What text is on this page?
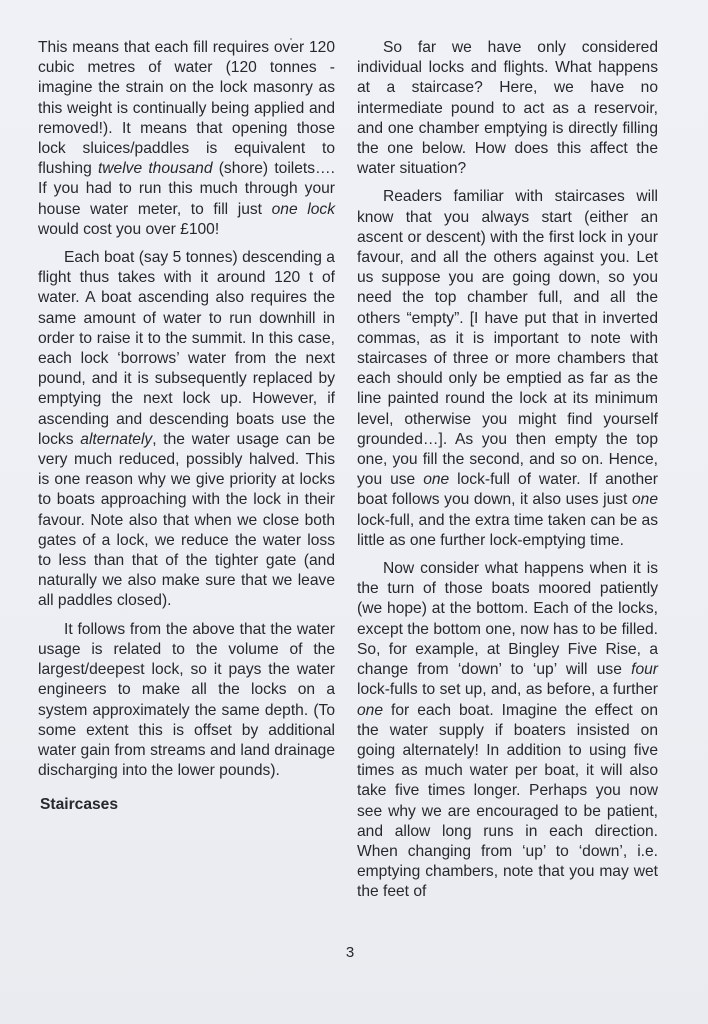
This means that each fill requires over 120 cubic metres of water (120 tonnes - imagine the strain on the lock masonry as this weight is continually being applied and removed!). It means that opening those lock sluices/paddles is equivalent to flushing twelve thousand (shore) toilets…. If you had to run this much through your house water meter, to fill just one lock would cost you over £100!

Each boat (say 5 tonnes) descending a flight thus takes with it around 120 t of water. A boat ascending also requires the same amount of water to run downhill in order to raise it to the summit. In this case, each lock ‘borrows’ water from the next pound, and it is subsequently replaced by emptying the next lock up. However, if ascending and descending boats use the locks alternately, the water usage can be very much reduced, possibly halved. This is one reason why we give priority at locks to boats approaching with the lock in their favour. Note also that when we close both gates of a lock, we reduce the water loss to less than that of the tighter gate (and naturally we also make sure that we leave all paddles closed).

It follows from the above that the water usage is related to the volume of the largest/deepest lock, so it pays the water engineers to make all the locks on a system approximately the same depth. (To some extent this is offset by additional water gain from streams and land drainage discharging into the lower pounds).

Staircases

So far we have only considered individual locks and flights. What happens at a staircase? Here, we have no intermediate pound to act as a reservoir, and one chamber emptying is directly filling the one below. How does this affect the water situation?

Readers familiar with staircases will know that you always start (either an ascent or descent) with the first lock in your favour, and all the others against you. Let us suppose you are going down, so you need the top chamber full, and all the others “empty”. [I have put that in inverted commas, as it is important to note with staircases of three or more chambers that each should only be emptied as far as the line painted round the lock at its minimum level, otherwise you might find yourself grounded…]. As you then empty the top one, you fill the second, and so on. Hence, you use one lock-full of water. If another boat follows you down, it also uses just one lock-full, and the extra time taken can be as little as one further lock-emptying time.

Now consider what happens when it is the turn of those boats moored patiently (we hope) at the bottom. Each of the locks, except the bottom one, now has to be filled. So, for example, at Bingley Five Rise, a change from ‘down’ to ‘up’ will use four lock-fulls to set up, and, as before, a further one for each boat. Imagine the effect on the water supply if boaters insisted on going alternately! In addition to using five times as much water per boat, it will also take five times longer. Perhaps you now see why we are encouraged to be patient, and allow long runs in each direction. When changing from ‘up’ to ‘down’, i.e. emptying chambers, note that you may wet the feet of

3
